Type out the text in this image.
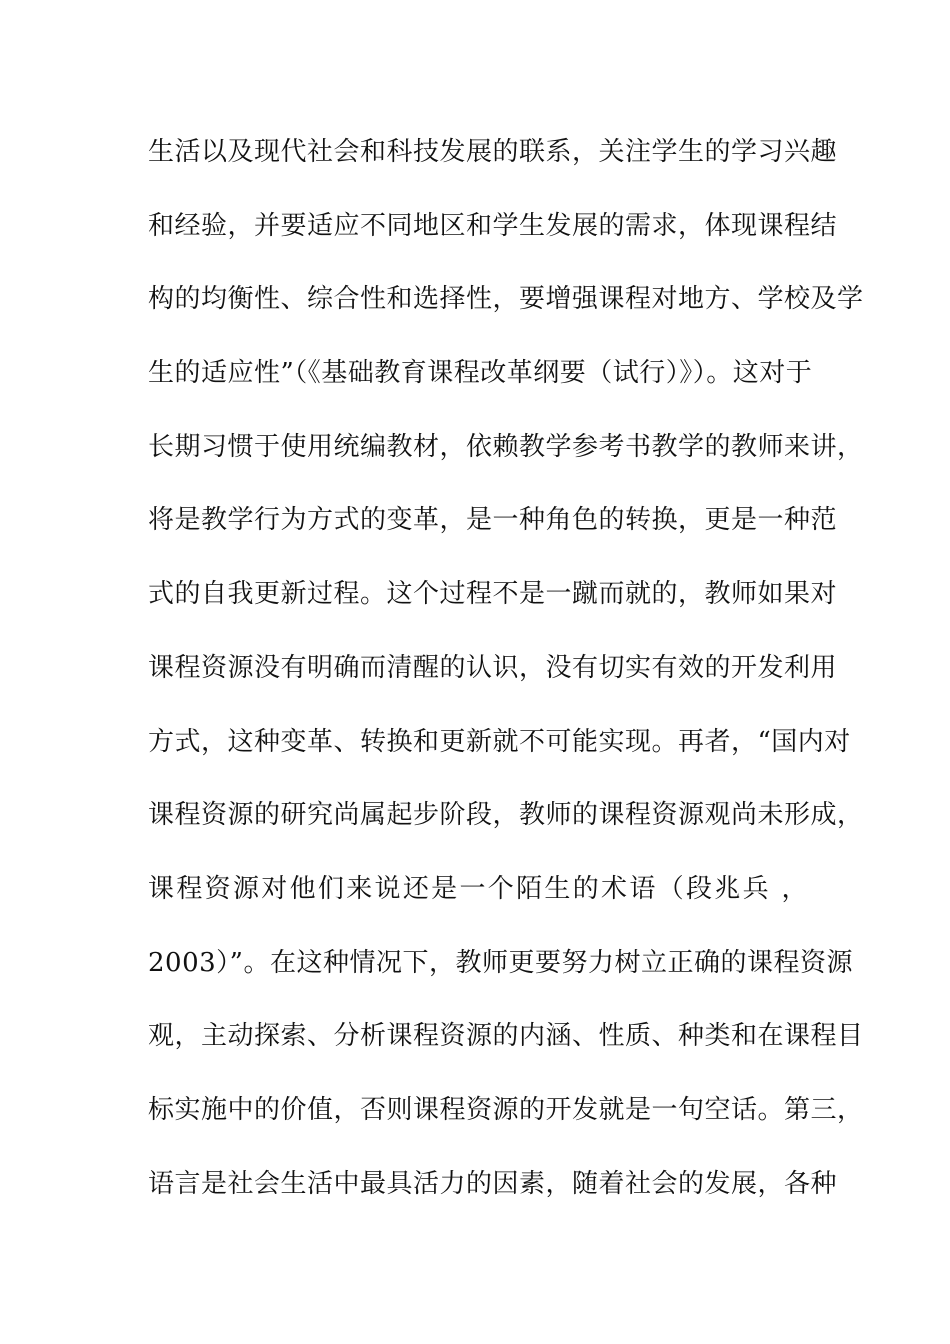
生活以及现代社会和科技发展的联系，关注学生的学习兴趣
和经验，并要适应不同地区和学生发展的需求，体现课程结
构的均衡性、综合性和选择性，要增强课程对地方、学校及学
生的适应性”（《基础教育课程改革纲要（试行）》）。这对于
长期习惯于使用统编教材，依赖教学参考书教学的教师来讲，
将是教学行为方式的变革，是一种角色的转换，更是一种范
式的自我更新过程。这个过程不是一蹴而就的，教师如果对
课程资源没有明确而清醒的认识，没有切实有效的开发利用
方式，这种变革、转换和更新就不可能实现。再者，“国内对
课程资源的研究尚属起步阶段，教师的课程资源观尚未形成，
课程资源对他们来说还是一个陌生的术语（段兆兵 ，
2003）”。在这种情况下，教师更要努力树立正确的课程资源
观，主动探索、分析课程资源的内涵、性质、种类和在课程目
标实施中的价值，否则课程资源的开发就是一句空话。第三，
语言是社会生活中最具活力的因素，随着社会的发展，各种
